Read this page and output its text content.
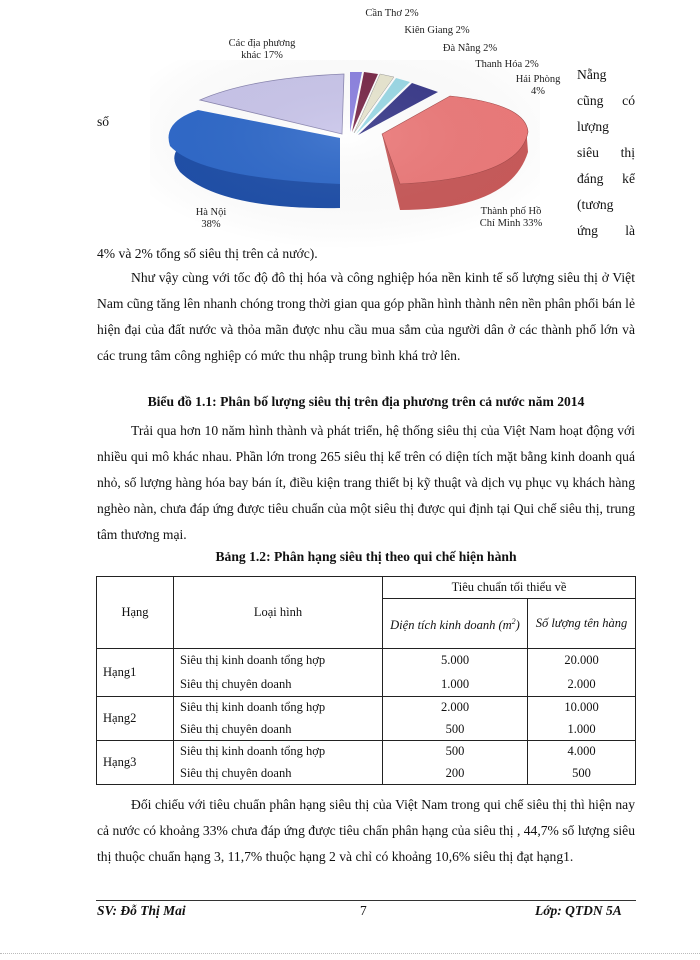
Cần Thơ 2%
Kiên Giang 2%
Đà Nẵng 2%
Thanh Hóa 2%
Hải Phòng
4%
Các địa phương
khác 17%
Hà Nội
38%
Thành phố Hồ
Chí Minh 33%
Nẵng
cũng có
lượng
siêu thị
đáng kể
(tương
ứng là
số
4% và 2% tổng số siêu thị trên cả nước).
Như vậy cùng với tốc độ đô thị hóa và công nghiệp hóa nền kinh tế số lượng siêu thị ở Việt Nam cũng tăng lên nhanh chóng trong thời gian qua góp phần hình thành nên nền phân phối bán lẻ hiện đại của đất nước và thỏa mãn được nhu cầu mua sắm của người dân ở các thành phố lớn và các trung tâm công nghiệp có mức thu nhập trung bình khá trở lên.
Biểu đồ 1.1: Phân bố lượng siêu thị trên địa phương trên cả nước năm 2014
Trải qua hơn 10 năm hình thành và phát triển, hệ thống siêu thị của Việt Nam hoạt động với nhiều qui mô khác nhau. Phần lớn trong 265 siêu thị kể trên có diện tích mặt bằng kinh doanh quá nhỏ, số lượng hàng hóa bay bán ít, điều kiện trang thiết bị kỹ thuật và dịch vụ phục vụ khách hàng nghèo nàn, chưa đáp ứng được tiêu chuẩn của một siêu thị được qui định tại Qui chế siêu thị, trung tâm thương mại.
Bảng 1.2: Phân hạng siêu thị theo qui chế hiện hành
Hạng	Loại hình	Tiêu chuẩn tối thiểu về	
		Diện tích kinh doanh $(m^2)$	Số lượng tên hàng
Hạng1	Siêu thị kinh doanh tổng hợp	5.000	20.000
	Siêu thị chuyên doanh	1.000	2.000
Hạng2	Siêu thị kinh doanh tổng hợp	2.000	10.000
	Siêu thị chuyên doanh	500	1.000
Hạng3	Siêu thị kinh doanh tổng hợp	500	4.000
	Siêu thị chuyên doanh	200	500
Đối chiếu với tiêu chuẩn phân hạng siêu thị của Việt Nam trong qui chế siêu thị thì hiện nay cả nước có khoảng 33% chưa đáp ứng được tiêu chẩn phân hạng của siêu thị , 44,7% số lượng siêu thị thuộc chuẩn hạng 3, 11,7% thuộc hạng 2 và chỉ có khoảng 10,6% siêu thị đạt hạng1.
SV: Đỗ Thị Mai	7	Lớp: QTDN 5A
